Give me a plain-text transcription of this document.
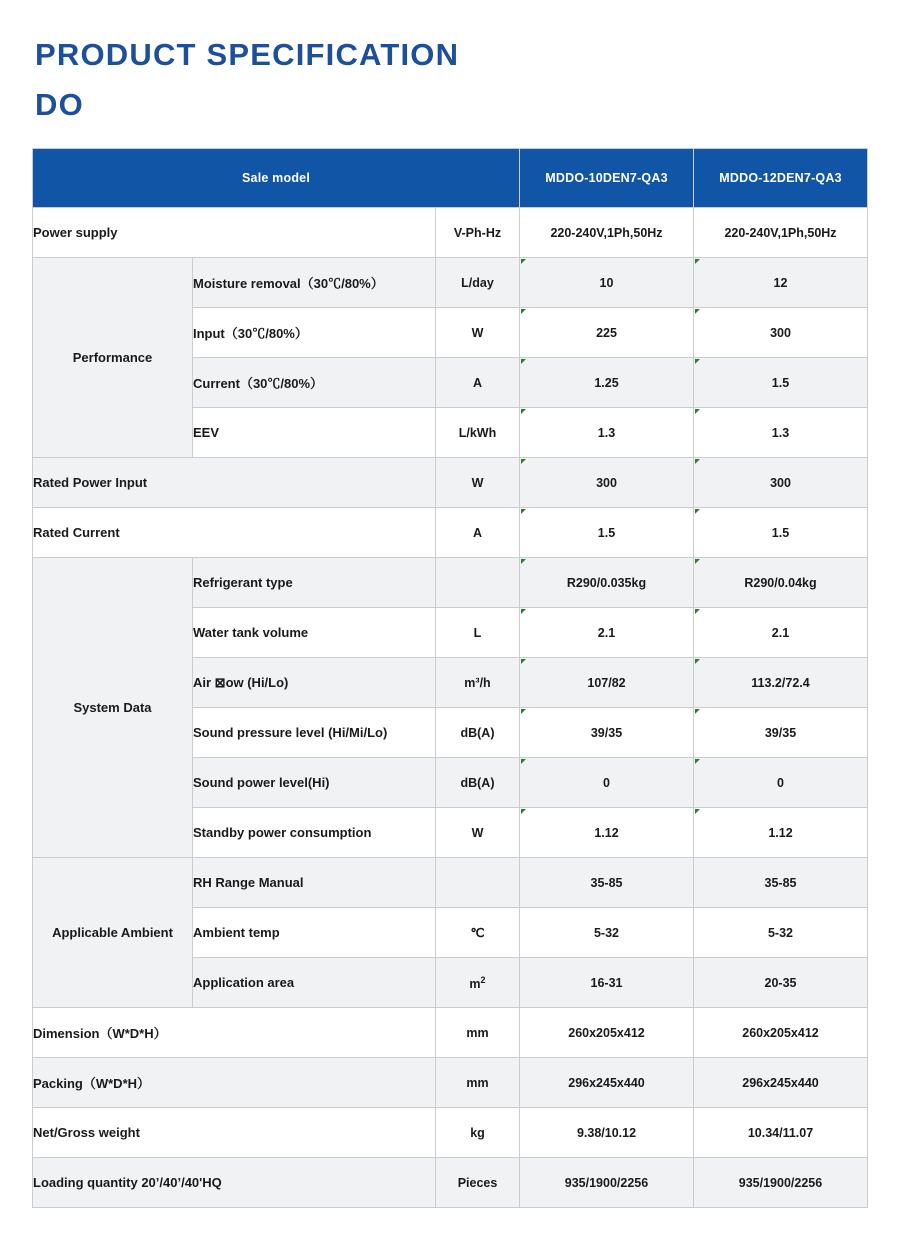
PRODUCT SPECIFICATION
DO
Sale model			MDDO-10DEN7-QA3	MDDO-12DEN7-QA3
Power supply		V-Ph-Hz	220-240V,1Ph,50Hz	220-240V,1Ph,50Hz
Performance	Moisture removal（30℃/80%）	L/day	10	12
	Input（30℃/80%）	W	225	300
	Current（30℃/80%）	A	1.25	1.5
	EEV	L/kWh	1.3	1.3
Rated Power Input		W	300	300
Rated Current		A	1.5	1.5
System Data	Refrigerant type		R290/0.035kg	R290/0.04kg
	Water tank volume	L	2.1	2.1
	Air ⊠ow (Hi/Lo)	m³/h	107/82	113.2/72.4
	Sound pressure level (Hi/Mi/Lo)	dB(A)	39/35	39/35
	Sound power level(Hi)	dB(A)	0	0
	Standby power consumption	W	1.12	1.12
Applicable Ambient	RH Range Manual		35-85	35-85
	Ambient temp	℃	5-32	5-32
	Application area	$m^2$	16-31	20-35
Dimension（W*D*H）		mm	260x205x412	260x205x412
Packing（W*D*H）		mm	296x245x440	296x245x440
Net/Gross weight		kg	9.38/10.12	10.34/11.07
Loading quantity 20’/40’/40'HQ		Pieces	935/1900/2256	935/1900/2256
